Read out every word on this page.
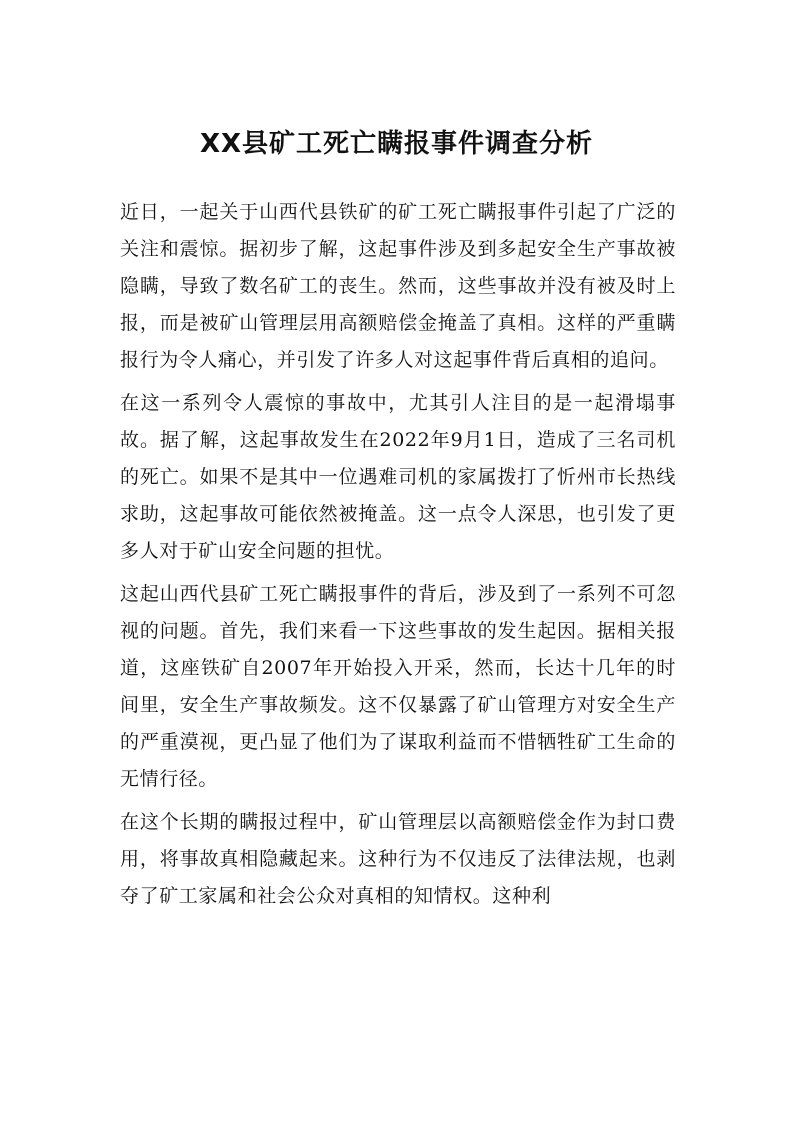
XX县矿工死亡瞒报事件调查分析

近日，一起关于山西代县铁矿的矿工死亡瞒报事件引起了广泛的关注和震惊。据初步了解，这起事件涉及到多起安全生产事故被隐瞒，导致了数名矿工的丧生。然而，这些事故并没有被及时上报，而是被矿山管理层用高额赔偿金掩盖了真相。这样的严重瞒报行为令人痛心，并引发了许多人对这起事件背后真相的追问。

在这一系列令人震惊的事故中，尤其引人注目的是一起滑塌事故。据了解，这起事故发生在2022年9月1日，造成了三名司机的死亡。如果不是其中一位遇难司机的家属拨打了忻州市长热线求助，这起事故可能依然被掩盖。这一点令人深思，也引发了更多人对于矿山安全问题的担忧。

这起山西代县矿工死亡瞒报事件的背后，涉及到了一系列不可忽视的问题。首先，我们来看一下这些事故的发生起因。据相关报道，这座铁矿自2007年开始投入开采，然而，长达十几年的时间里，安全生产事故频发。这不仅暴露了矿山管理方对安全生产的严重漠视，更凸显了他们为了谋取利益而不惜牺牲矿工生命的无情行径。

在这个长期的瞒报过程中，矿山管理层以高额赔偿金作为封口费用，将事故真相隐藏起来。这种行为不仅违反了法律法规，也剥夺了矿工家属和社会公众对真相的知情权。这种利
